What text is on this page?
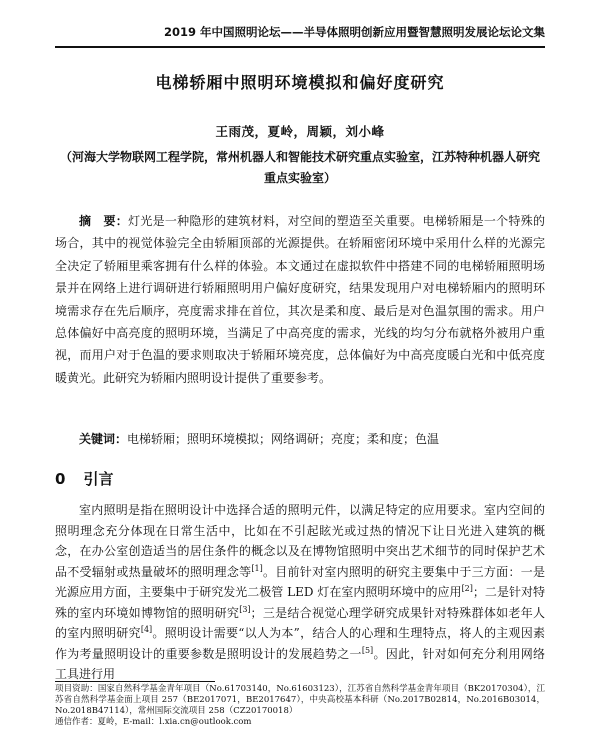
2019 年中国照明论坛——半导体照明创新应用暨智慧照明发展论坛论文集
电梯轿厢中照明环境模拟和偏好度研究
王雨茂，夏岭，周颖，刘小峰
（河海大学物联网工程学院，常州机器人和智能技术研究重点实验室，江苏特种机器人研究重点实验室）
摘　要：灯光是一种隐形的建筑材料，对空间的塑造至关重要。电梯轿厢是一个特殊的场合，其中的视觉体验完全由轿厢顶部的光源提供。在轿厢密闭环境中采用什么样的光源完全决定了轿厢里乘客拥有什么样的体验。本文通过在虚拟软件中搭建不同的电梯轿厢照明场景并在网络上进行调研进行轿厢照明用户偏好度研究，结果发现用户对电梯轿厢内的照明环境需求存在先后顺序，亮度需求排在首位，其次是柔和度、最后是对色温氛围的需求。用户总体偏好中高亮度的照明环境，当满足了中高亮度的需求，光线的均匀分布就格外被用户重视，而用户对于色温的要求则取决于轿厢环境亮度，总体偏好为中高亮度暖白光和中低亮度暖黄光。此研究为轿厢内照明设计提供了重要参考。
关键词：电梯轿厢；照明环境模拟；网络调研；亮度；柔和度；色温
0 引言
室内照明是指在照明设计中选择合适的照明元件，以满足特定的应用要求。室内空间的照明理念充分体现在日常生活中，比如在不引起眩光或过热的情况下让日光进入建筑的概念，在办公室创造适当的居住条件的概念以及在博物馆照明中突出艺术细节的同时保护艺术品不受辐射或热量破坏的照明理念等[1]。目前针对室内照明的研究主要集中于三方面：一是光源应用方面，主要集中于研究发光二极管 LED 灯在室内照明环境中的应用[2]；二是针对特殊的室内环境如博物馆的照明研究[3]；三是结合视觉心理学研究成果针对特殊群体如老年人的室内照明研究[4]。照明设计需要“以人为本”，结合人的心理和生理特点，将人的主观因素作为考量照明设计的重要参数是照明设计的发展趋势之一[5]。因此，针对如何充分利用网络工具进行用
项目资助：国家自然科学基金青年项目（No.61703140，No.61603123），江苏省自然科学基金青年项目（BK20170304），江苏省自然科学基金面上项目 257（BE2017071，BE2017647），中央高校基本科研（No.2017B02814，No.2016B03014，No.2018B47114），常州国际交流项目 258（CZ20170018）
通信作者：夏岭，E-mail：l.xia.cn@outlook.com
